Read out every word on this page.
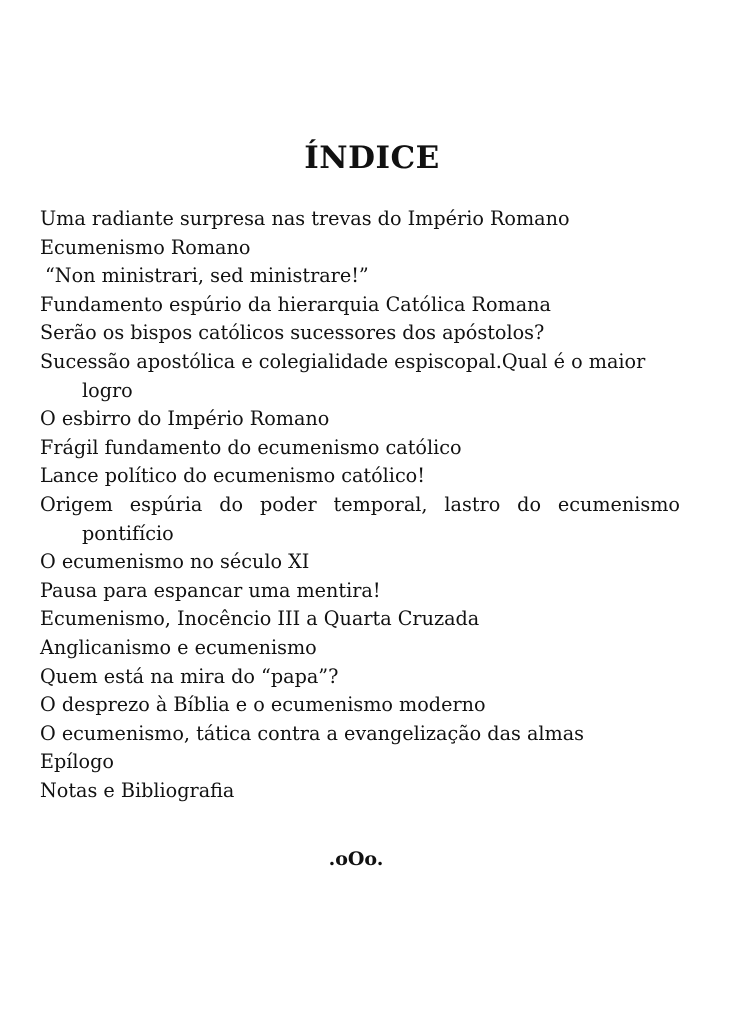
ÍNDICE
Uma radiante surpresa nas trevas do Império Romano
Ecumenismo Romano
“Non ministrari, sed ministrare!”
Fundamento espúrio da hierarquia Católica Romana
Serão os bispos católicos sucessores dos apóstolos?
Sucessão apostólica e colegialidade espiscopal.Qual é o maior
logro
O esbirro do Império Romano
Frágil fundamento do ecumenismo católico
Lance político do ecumenismo católico!
Origem espúria do poder temporal, lastro do ecumenismo
pontifício
O ecumenismo no século XI
Pausa para espancar uma mentira!
Ecumenismo, Inocêncio III a Quarta Cruzada
Anglicanismo e ecumenismo
Quem está na mira do “papa”?
O desprezo à Bíblia e o ecumenismo moderno
O ecumenismo, tática contra a evangelização das almas
Epílogo
Notas e Bibliografia
.oOo.
